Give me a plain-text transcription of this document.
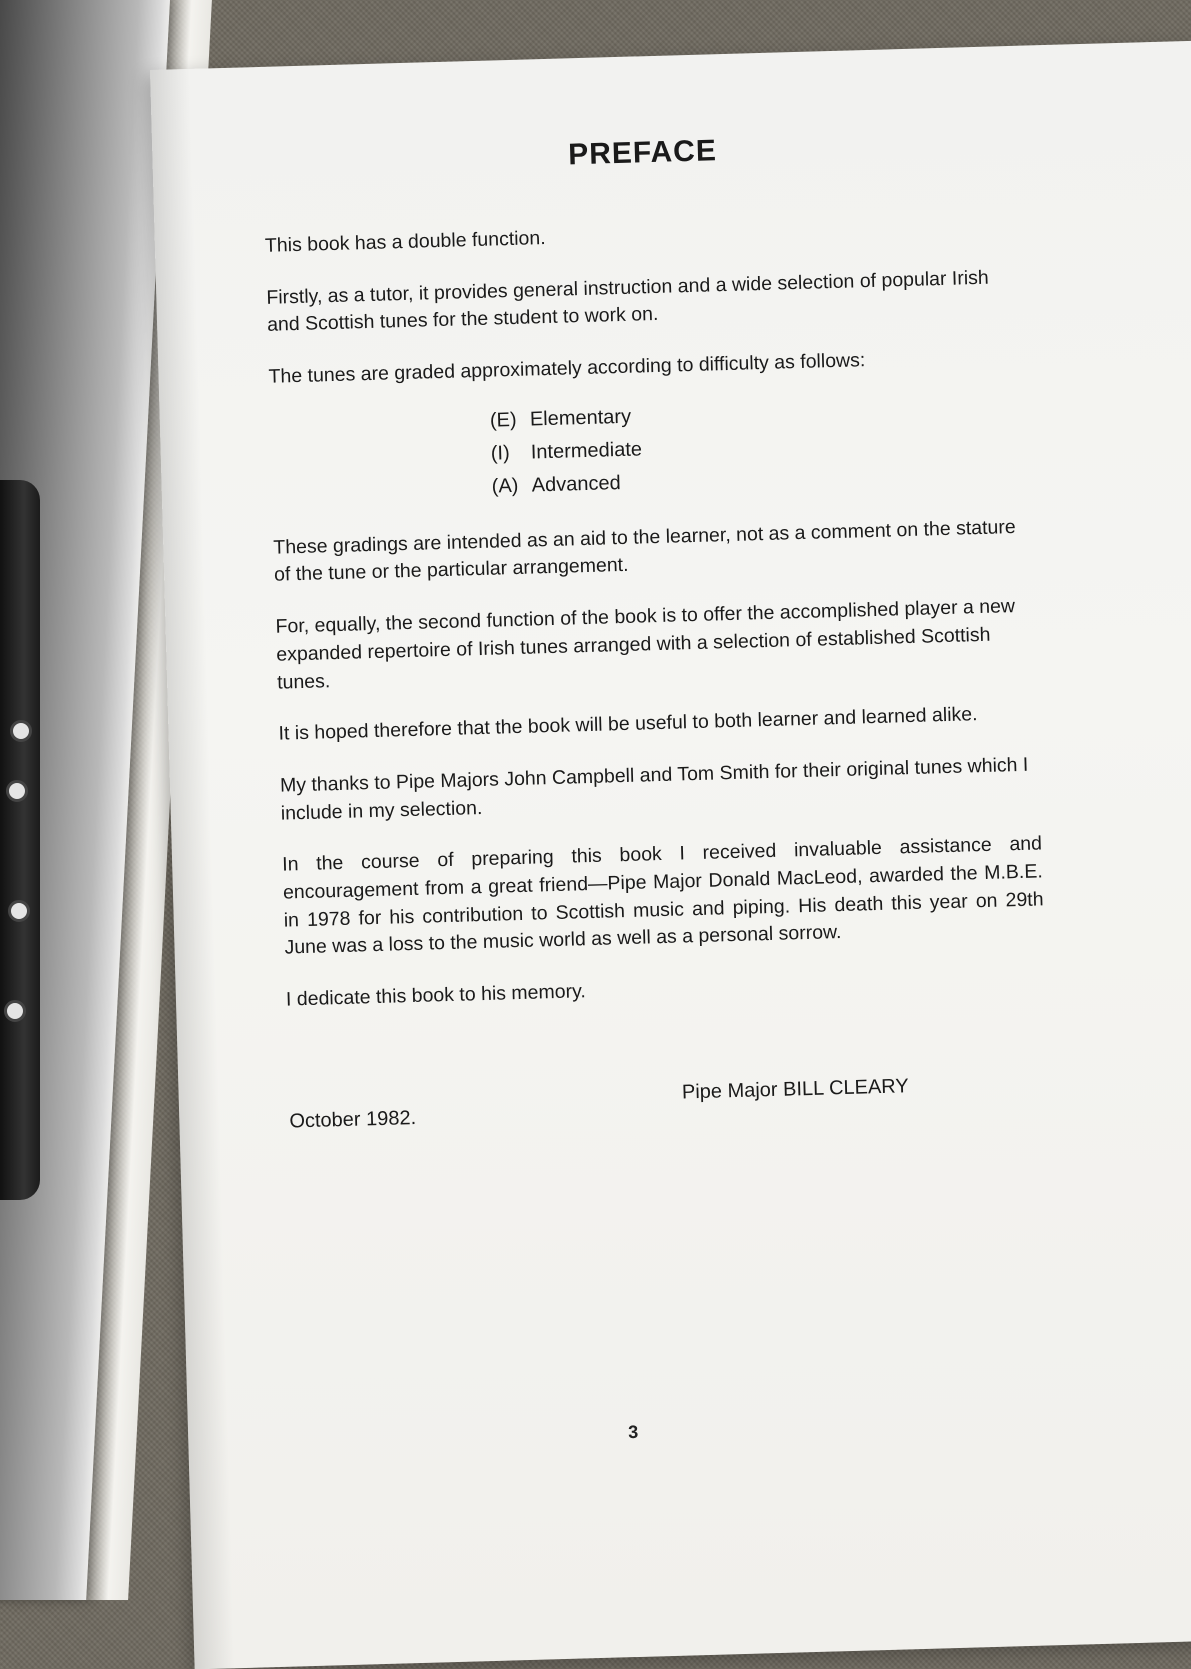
PREFACE

This book has a double function.

Firstly, as a tutor, it provides general instruction and a wide selection of popular Irish and Scottish tunes for the student to work on.

The tunes are graded approximately according to difficulty as follows:

(E) Elementary
(I)	Intermediate
(A) Advanced

These gradings are intended as an aid to the learner, not as a comment on the stature of the tune or the particular arrangement.

For, equally, the second function of the book is to offer the accomplished player a new expanded repertoire of Irish tunes arranged with a selection of established Scottish tunes.

It is hoped therefore that the book will be useful to both learner and learned alike.

My thanks to Pipe Majors John Campbell and Tom Smith for their original tunes which I include in my selection.

In the course of preparing this book I received invaluable assistance and encouragement from a great friend—Pipe Major Donald MacLeod, awarded the M.B.E. in 1978 for his contribution to Scottish music and piping. His death this year on 29th June was a loss to the music world as well as a personal sorrow.

I dedicate this book to his memory.

Pipe Major BILL CLEARY
October 1982.
3
